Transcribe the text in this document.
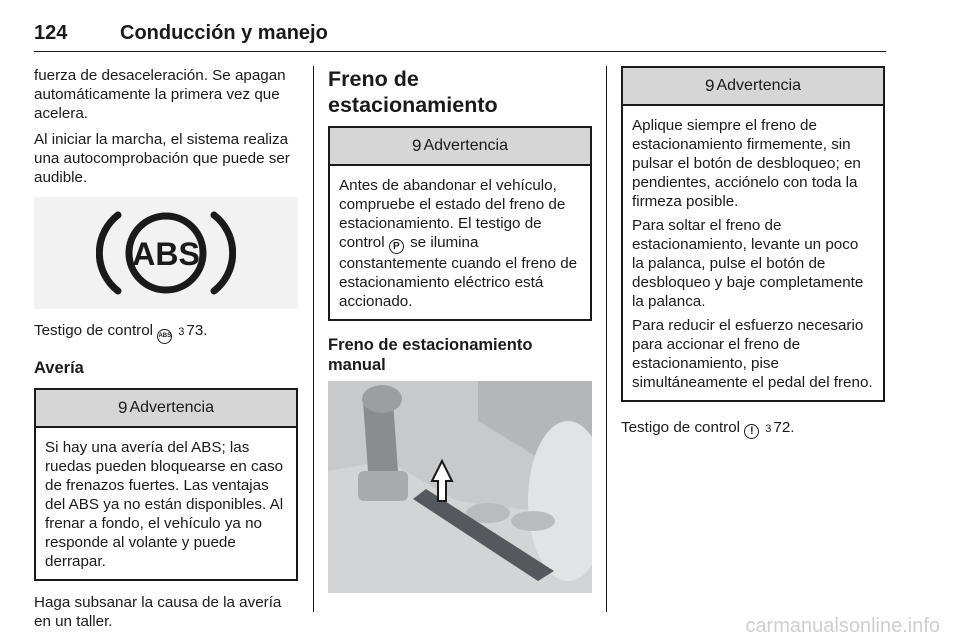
124	Conducción y manejo

fuerza de desaceleración. Se apagan automáticamente la primera vez que acelera.

Al iniciar la marcha, el sistema realiza una autocomprobación que puede ser audible.

ABS

Testigo de control ABS 3 73.

Avería
9 Advertencia

Si hay una avería del ABS; las ruedas pueden bloquearse en caso de frenazos fuertes. Las ventajas del ABS ya no están disponibles. Al frenar a fondo, el vehículo ya no responde al volante y puede derrapar.

Haga subsanar la causa de la avería en un taller.

Freno de estacionamiento
9 Advertencia

Antes de abandonar el vehículo, compruebe el estado del freno de estacionamiento. El testigo de control P se ilumina constantemente cuando el freno de estacionamiento eléctrico está accionado.

Freno de estacionamiento manual
9 Advertencia

Aplique siempre el freno de estacionamiento firmemente, sin pulsar el botón de desbloqueo; en pendientes, acciónelo con toda la firmeza posible.

Para soltar el freno de estacionamiento, levante un poco la palanca, pulse el botón de desbloqueo y baje completamente la palanca.

Para reducir el esfuerzo necesario para accionar el freno de estacionamiento, pise simultáneamente el pedal del freno.

Testigo de control ! 3 72.

carmanualsonline.info
